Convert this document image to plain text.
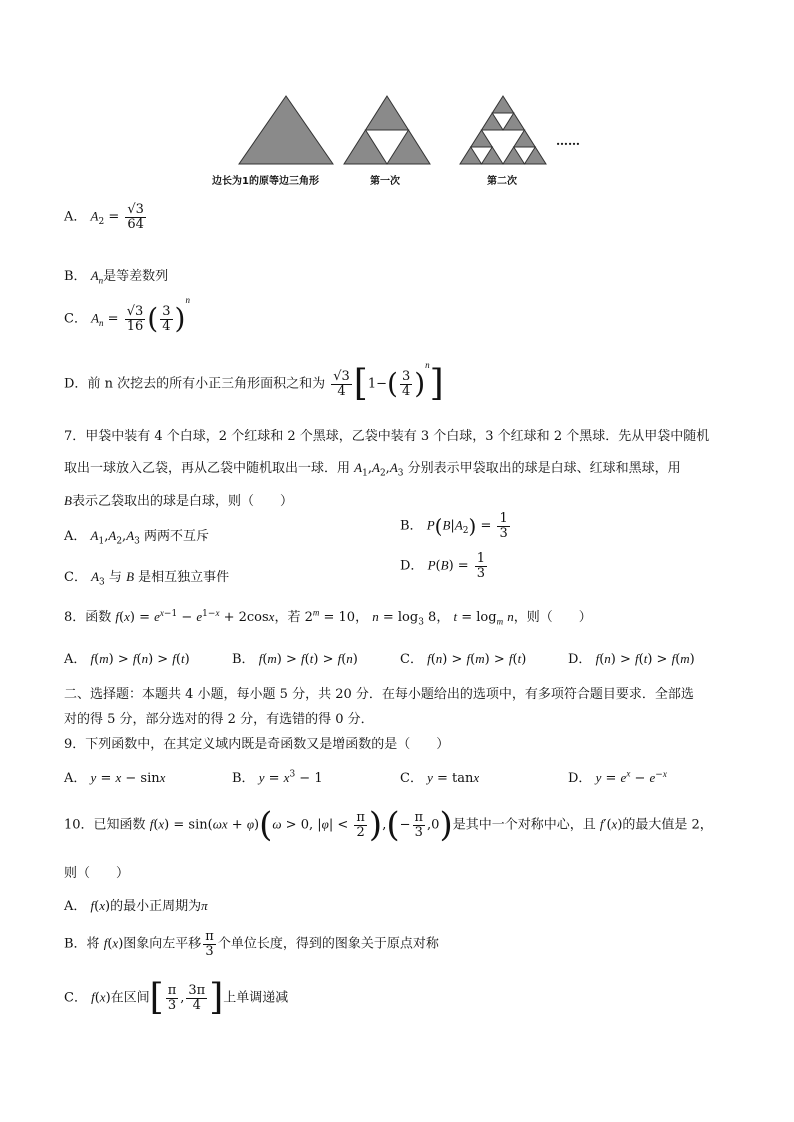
……
边长为1的原等边三角形	第一次	第二次
A． $A_2 = \frac{√3}{64}$
B． $A_n$是等差数列
C． $A_n = \frac{√3}{16}$ ( $\frac{3}{4} )^n$
D．前 n 次挖去的所有小正三角形面积之和为 $\frac{√3}{4} [1-( \frac{3}{4} )^n]$
7．甲袋中装有 4 个白球，2 个红球和 2 个黑球，乙袋中装有 3 个白球，3 个红球和 2 个黑球．先从甲袋中随机
取出一球放入乙袋，再从乙袋中随机取出一球．用 $A_1,A_2,A_3$ 分别表示甲袋取出的球是白球、红球和黑球，用
B表示乙袋取出的球是白球，则（　　）
A． $A_1,A_2,A_3$ 两两不互斥
B． $P(B|A_2) = \frac{1}{3}$
C． $A_3$ 与 B 是相互独立事件
D． $P(B) = \frac{1}{3}$
8．函数 $f(x) = e^{x-1} - e^{1-x} + 2\cos x$，若 $2^m = 10$， $n = \log_3 8$， $t = \log_m n$，则（　　）
A． f(m) > f(n) > f(t)	B． f(m) > f(t) > f(n)	C． f(n) > f(m) > f(t)	D． f(n) > f(t) > f(m)
二、选择题：本题共 4 小题，每小题 5 分，共 20 分．在每小题给出的选项中，有多项符合题目要求．全部选
对的得 5 分，部分选对的得 2 分，有选错的得 0 分．
9．下列函数中，在其定义域内既是奇函数又是增函数的是（　　）
A． y = x − sinx	B． $y = x^3 - 1$	C． y = tanx	D． $y = e^x - e^{-x}$
10．已知函数 f(x) = sin(ωx + φ)(ω > 0, $|\varphi| < \frac{\pi}{2}$ ),(− $\frac{\pi}{3} ,0$)是其中一个对称中心，且 f′(x)的最大值是 2，
则（　　）
A． f(x)的最小正周期为π
B．将 f(x)图象向左平移 $\frac{\pi}{3}$ 个单位长度，得到的图象关于原点对称
C． f(x)在区间[ $\frac{\pi}{3}$ , $\frac{3\pi}{4}$ ]上单调递减
